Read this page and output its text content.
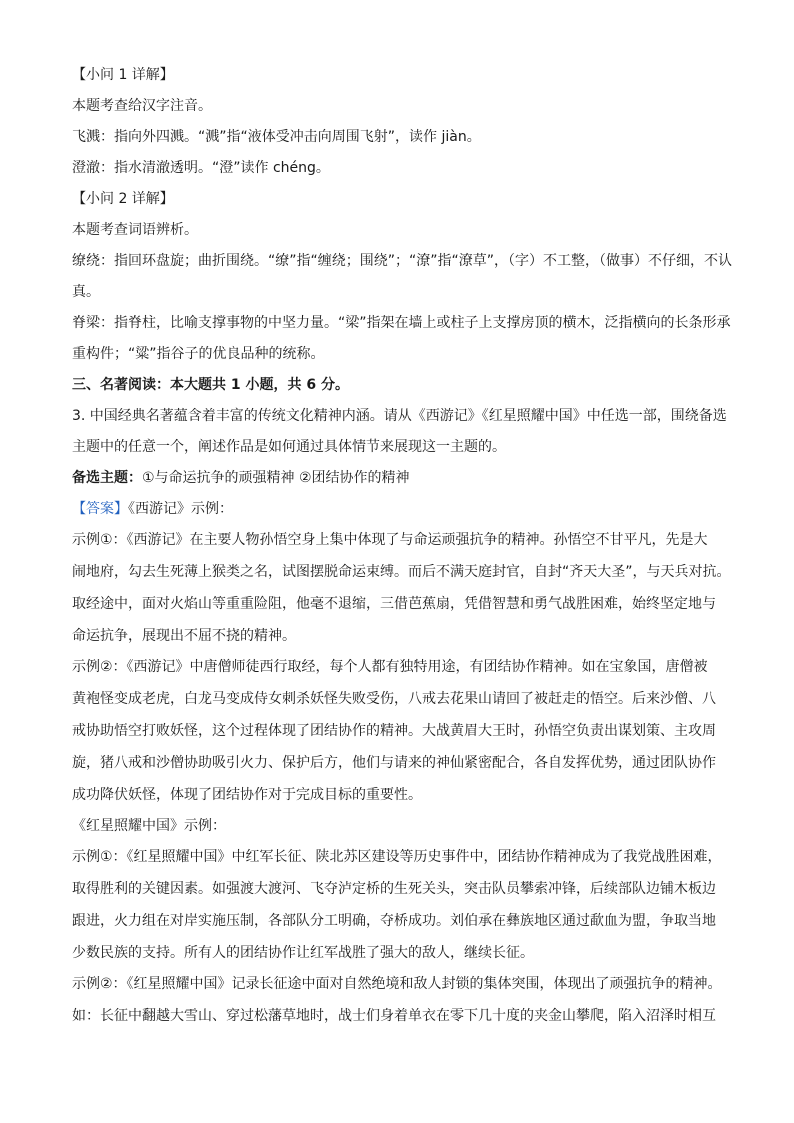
【小问 1 详解】
本题考查给汉字注音。
飞溅：指向外四溅。“溅”指“液体受冲击向周围飞射”，读作 jiàn。
澄澈：指水清澈透明。“澄”读作 chéng。
【小问 2 详解】
本题考查词语辨析。
缭绕：指回环盘旋；曲折围绕。“缭”指“缠绕；围绕”；“潦”指“潦草”，（字）不工整，（做事）不仔细，不认
真。
脊梁：指脊柱，比喻支撑事物的中坚力量。“梁”指架在墙上或柱子上支撑房顶的横木，泛指横向的长条形承
重构件；“粱”指谷子的优良品种的统称。
三、名著阅读：本大题共 1 小题，共 6 分。
3. 中国经典名著蕴含着丰富的传统文化精神内涵。请从《西游记》《红星照耀中国》中任选一部，围绕备选
主题中的任意一个，阐述作品是如何通过具体情节来展现这一主题的。
备选主题：①与命运抗争的顽强精神 ②团结协作的精神
【答案】《西游记》示例：
示例①：《西游记》在主要人物孙悟空身上集中体现了与命运顽强抗争的精神。孙悟空不甘平凡，先是大
闹地府，勾去生死薄上猴类之名，试图摆脱命运束缚。而后不满天庭封官，自封“齐天大圣”，与天兵对抗。
取经途中，面对火焰山等重重险阻，他毫不退缩，三借芭蕉扇，凭借智慧和勇气战胜困难，始终坚定地与
命运抗争，展现出不屈不挠的精神。
示例②：《西游记》中唐僧师徒西行取经，每个人都有独特用途，有团结协作精神。如在宝象国，唐僧被
黄袍怪变成老虎，白龙马变成侍女刺杀妖怪失败受伤，八戒去花果山请回了被赶走的悟空。后来沙僧、八
戒协助悟空打败妖怪，这个过程体现了团结协作的精神。大战黄眉大王时，孙悟空负责出谋划策、主攻周
旋，猪八戒和沙僧协助吸引火力、保护后方，他们与请来的神仙紧密配合，各自发挥优势，通过团队协作
成功降伏妖怪，体现了团结协作对于完成目标的重要性。
《红星照耀中国》示例：
示例①：《红星照耀中国》中红军长征、陕北苏区建设等历史事件中，团结协作精神成为了我党战胜困难，
取得胜利的关键因素。如强渡大渡河、飞夺泸定桥的生死关头，突击队员攀索冲锋，后续部队边铺木板边
跟进，火力组在对岸实施压制，各部队分工明确，夺桥成功。刘伯承在彝族地区通过歃血为盟，争取当地
少数民族的支持。所有人的团结协作让红军战胜了强大的敌人，继续长征。
示例②：《红星照耀中国》记录长征途中面对自然绝境和敌人封锁的集体突围，体现出了顽强抗争的精神。
如：长征中翻越大雪山、穿过松藩草地时，战士们身着单衣在零下几十度的夹金山攀爬，陷入沼泽时相互
